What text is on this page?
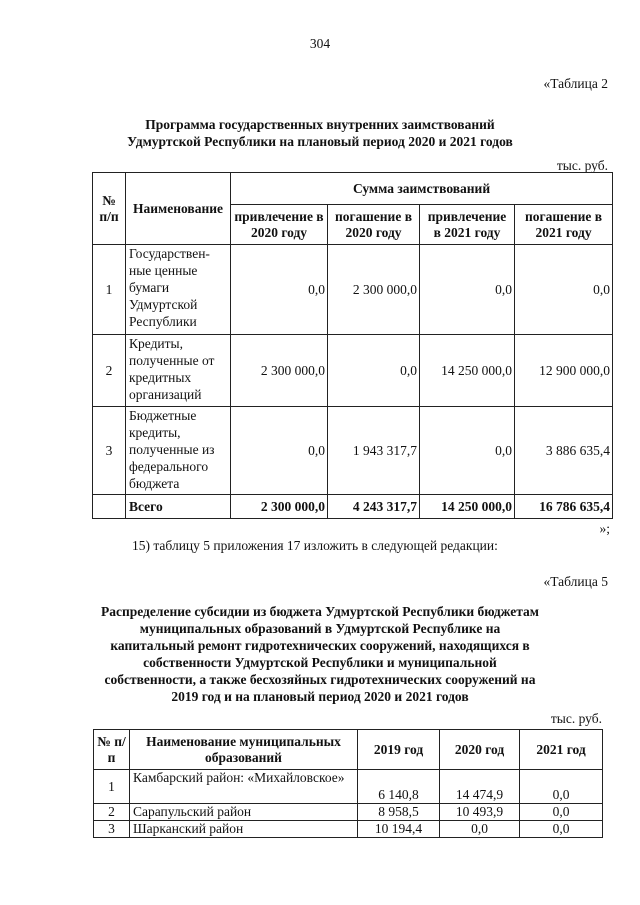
304
«Таблица 2
Программа государственных внутренних заимствований
Удмуртской Республики на плановый период 2020 и 2021 годов
тыс. руб.
№ п/п	Наименование	Сумма заимствований			
		привлечение в 2020 году	погашение в 2020 году	привлечение в 2021 году	погашение в 2021 году
1	Государствен-ные ценные бумаги Удмуртской Республики	0,0	2 300 000,0	0,0	0,0
2	Кредиты, полученные от кредитных организаций	2 300 000,0	0,0	14 250 000,0	12 900 000,0
3	Бюджетные кредиты, полученные из федерального бюджета	0,0	1 943 317,7	0,0	3 886 635,4
	Всего	2 300 000,0	4 243 317,7	14 250 000,0	16 786 635,4
»;
15) таблицу 5 приложения 17 изложить в следующей редакции:
«Таблица 5
Распределение субсидии из бюджета Удмуртской Республики бюджетам
муниципальных образований в Удмуртской Республике на
капитальный ремонт гидротехнических сооружений, находящихся в
собственности Удмуртской Республики и муниципальной
собственности, а также бесхозяйных гидротехнических сооружений на
2019 год и на плановый период 2020 и 2021 годов
тыс. руб.
№ п/п	Наименование муниципальных образований	2019 год	2020 год	2021 год
1	Камбарский район: «Михайловское»	6 140,8	14 474,9	0,0
2	Сарапульский район	8 958,5	10 493,9	0,0
3	Шарканский район	10 194,4	0,0	0,0
